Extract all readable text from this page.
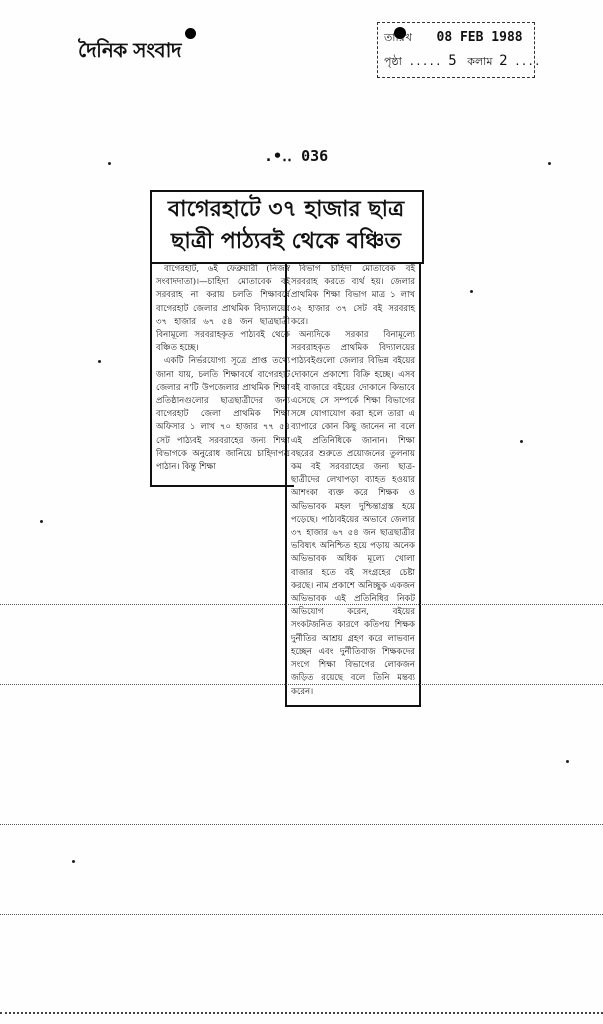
দৈনিক সংবাদ
তারিখ 08 FEB 1988
পৃষ্ঠা ..... 5 কলাম 2 ....
.•‥ 036
বাগেরহাটে ৩৭ হাজার ছাত্র
ছাত্রী পাঠ্যবই থেকে বঞ্চিত

বাগেরহাট, ৬ই ফেব্রুয়ারী (নিজস্ব সংবাদদাতা)।—চাহিদা মোতাবেক বই সরবরাহ না করায় চলতি শিক্ষাবর্ষে বাগেরহাট জেলার প্রাথমিক বিদ্যালয়ের ৩৭ হাজার ৬৭ ৫৪ জন ছাত্রছাত্রী বিনামূল্যে সরবরাহকৃত পাঠ্যবই থেকে বঞ্চিত হচ্ছে।

একটি নির্ভরযোগ্য সূত্রে প্রাপ্ত তথ্যে জানা যায়, চলতি শিক্ষাবর্ষে বাগেরহাট জেলার ন'টি উপজেলার প্রাথমিক শিক্ষা প্রতিষ্ঠানগুলোর ছাত্রছাত্রীদের জন্য বাগেরহাট জেলা প্রাথমিক শিক্ষা অফিসার ১ লাখ ৭০ হাজার ৭৭ ৫৪ সেট পাঠ্যবই সরবরাহের জন্য শিক্ষা বিভাগকে অনুরোধ জানিয়ে চাহিদাপত্র পাঠান। কিন্তু শিক্ষা

বিভাগ চাহিদা মোতাবেক বই সরবরাহ করতে ব্যর্থ হয়। জেলার প্রাথমিক শিক্ষা বিভাগ মাত্র ১ লাখ ৩২ হাজার ৩৭ সেট বই সরবরাহ করে।

অন্যদিকে সরকার বিনামূল্যে সরবরাহকৃত প্রাথমিক বিদ্যালয়ের পাঠ্যবইগুলো জেলার বিভিন্ন বইয়ের দোকানে প্রকাশ্যে বিক্রি হচ্ছে। এসব বই বাজারে বইয়ের দোকানে কিভাবে এসেছে সে সম্পর্কে শিক্ষা বিভাগের সঙ্গে যোগাযোগ করা হলে তারা এ ব্যাপারে কোন কিছু জানেন না বলে এই প্রতিনিধিকে জানান। শিক্ষা বছরের শুরুতে প্রয়োজনের তুলনায় কম বই সরবরাহের জন্য ছাত্র-ছাত্রীদের লেখাপড়া ব্যাহত হওয়ার আশংকা ব্যক্ত করে শিক্ষক ও অভিভাবক মহল দুশ্চিন্তাগ্রস্ত হয়ে পড়েছে। পাঠ্যবইয়ের অভাবে জেলার ৩৭ হাজার ৬৭ ৫৪ জন ছাত্রছাত্রীর ভবিষ্যৎ অনিশ্চিত হয়ে পড়ায় অনেক অভিভাবক অধিক মূল্যে খোলা বাজার হতে বই সংগ্রহের চেষ্টা করছে। নাম প্রকাশে অনিচ্ছুক একজন অভিভাবক এই প্রতিনিধির নিকট অভিযোগ করেন, বইয়ের সংকটজনিত কারণে কতিপয় শিক্ষক দুর্নীতির আশ্রয় গ্রহণ করে লাভবান হচ্ছেন এবং দুর্নীতিবাজ শিক্ষকদের সংগে শিক্ষা বিভাগের লোকজন জড়িত রয়েছে বলে তিনি মন্তব্য করেন।
